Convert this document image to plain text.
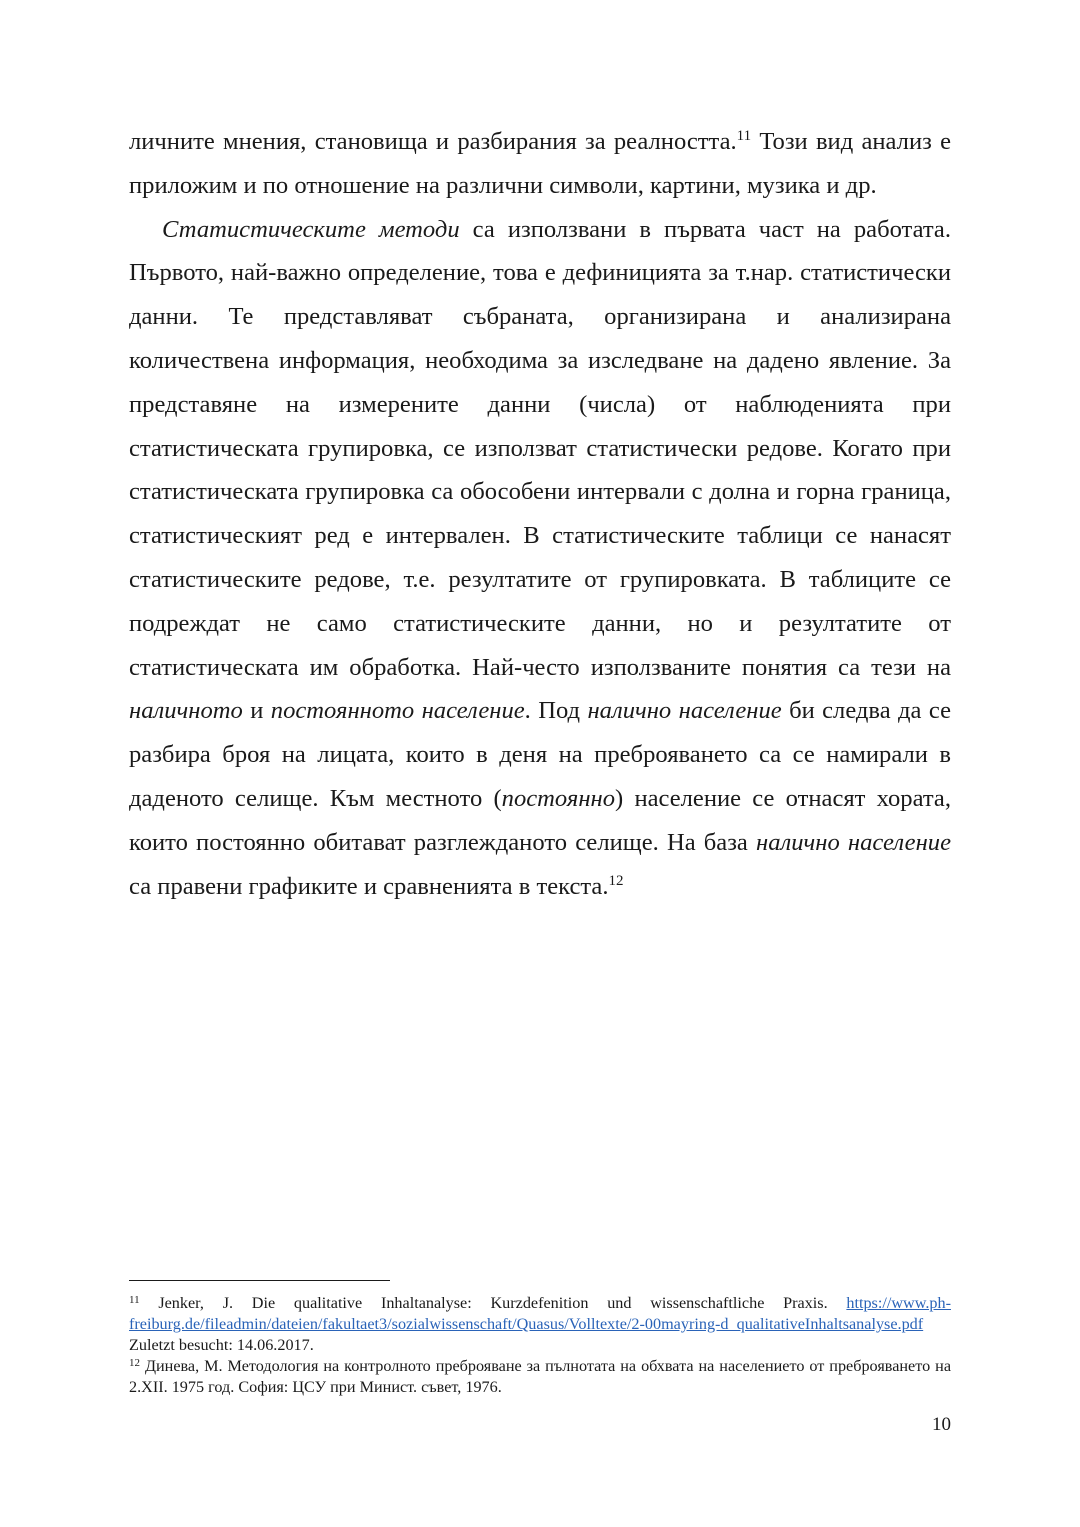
личните мнения, становища и разбирания за реалността.$^{11}$ Този вид анализ е приложим и по отношение на различни символи, картини, музика и др.

Статистическите методи са използвани в първата част на работата. Първото, най-важно определение, това е дефиницията за т.нар. статистически данни. Те представляват събраната, организирана и анализирана количествена информация, необходима за изследване на дадено явление. За представяне на измерените данни (числа) от наблюденията при статистическата групировка, се използват статистически редове. Когато при статистическата групировка са обособени интервали с долна и горна граница, статистическият ред е интервален. В статистическите таблици се нанасят статистическите редове, т.е. резултатите от групировката. В таблиците се подреждат не само статистическите данни, но и резултатите от статистическата им обработка. Най-често използваните понятия са тези на наличното и постоянното население. Под налично население би следва да се разбира броя на лицата, които в деня на преброяването са се намирали в даденото селище. Към местното (постоянно) население се отнасят хората, които постоянно обитават разглежданото селище. На база налично население са правени графиките и сравненията в текста.$^{12}$

$^{11}$ Jenker, J. Die qualitative Inhaltanalyse: Kurzdefenition und wissenschaftliche Praxis. https://www.ph-freiburg.de/fileadmin/dateien/fakultaet3/sozialwissenschaft/Quasus/Volltexte/2-00mayring-d_qualitativeInhaltsanalyse.pdf Zuletzt besucht: 14.06.2017.

$^{12}$ Динева, М. Методология на контролното преброяване за пълнотата на обхвата на населението от преброяването на 2.XII. 1975 год. София: ЦСУ при Минист. съвет, 1976.

10
